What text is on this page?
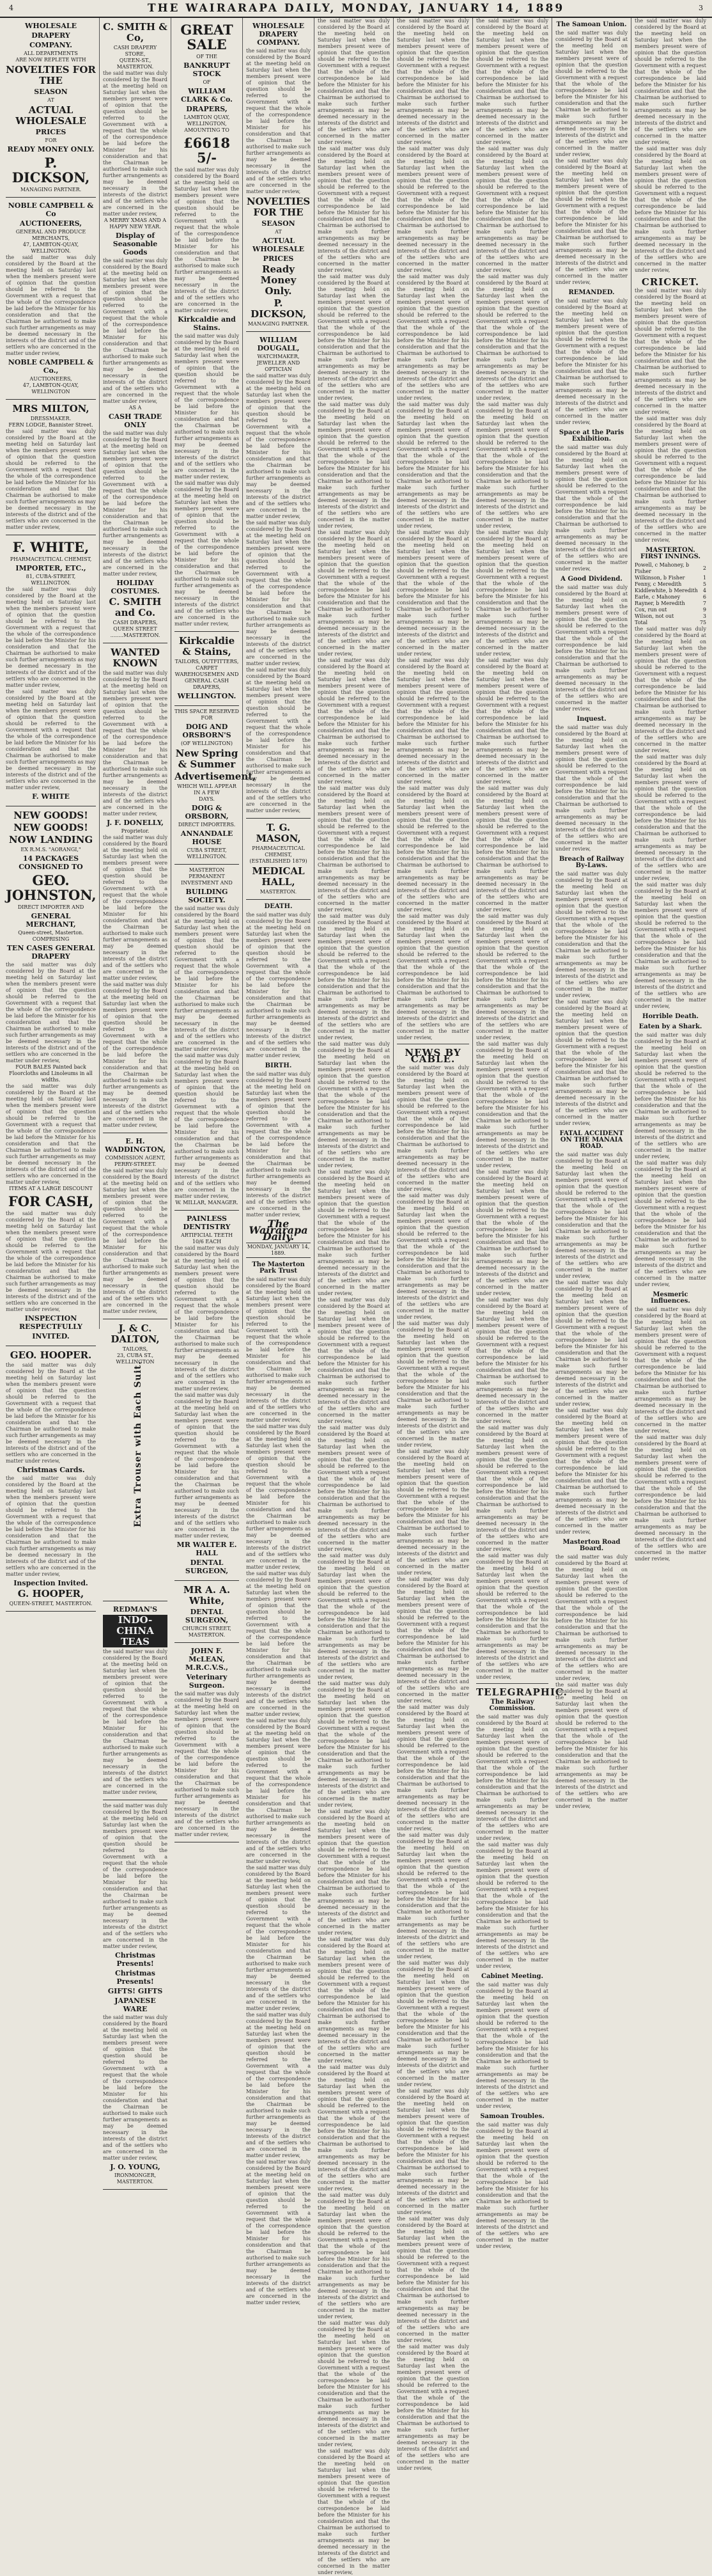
4	THE WAIRARAPA DAILY, MONDAY, JANUARY 14, 1889	3
WHOLESALE
DRAPERY
COMPANY.
ALL DEPARTMENTS
ARE NOW REPLETE WITH
NOVELTIES FOR THE
SEASON
AT
ACTUAL WHOLESALE
PRICES
FOR
READY MONEY ONLY.
P. DICKSON,
MANAGING PARTNER.
NOBLE CAMPBELL & Co
AUCTIONEERS,
GENERAL AND PRODUCE
MERCHANTS,
47, LAMBTON-QUAY, WELLINGTON.
the said matter was duly considered by the Board at the meeting held on Saturday last when the members present were of opinion that the question should be referred to the Government with a request that the whole of the correspondence be laid before the Minister for his consideration and that the Chairman be authorised to make such further arrangements as may be deemed necessary in the interests of the district and of the settlers who are concerned in the matter under review,
NOBLE CAMPBELL & Co.,
AUCTIONEERS,
47, LAMBTON-QUAY, WELLINGTON
MRS MILTON,
DRESSMAKER.
FERN LODGE, Bannister Street.
the said matter was duly considered by the Board at the meeting held on Saturday last when the members present were of opinion that the question should be referred to the Government with a request that the whole of the correspondence be laid before the Minister for his consideration and that the Chairman be authorised to make such further arrangements as may be deemed necessary in the interests of the district and of the settlers who are concerned in the matter under review,
F. WHITE,
PHARMACEUTICAL CHEMIST,
IMPORTER, ETC.,
81, CUBA-STREET, WELLINGTON.
the said matter was duly considered by the Board at the meeting held on Saturday last when the members present were of opinion that the question should be referred to the Government with a request that the whole of the correspondence be laid before the Minister for his consideration and that the Chairman be authorised to make such further arrangements as may be deemed necessary in the interests of the district and of the settlers who are concerned in the matter under review,
the said matter was duly considered by the Board at the meeting held on Saturday last when the members present were of opinion that the question should be referred to the Government with a request that the whole of the correspondence be laid before the Minister for his consideration and that the Chairman be authorised to make such further arrangements as may be deemed necessary in the interests of the district and of the settlers who are concerned in the matter under review,
F. WHITE
NEW GOODS!
NEW GOODS!
NOW LANDING
EX R.M.S. "AORANGI,"
14 PACKAGES CONSIGNED TO
GEO. JOHNSTON,
DIRECT IMPORTER AND
GENERAL MERCHANT,
Queen-street, Masterton.
COMPRISING
TEN CASES GENERAL DRAPERY
the said matter was duly considered by the Board at the meeting held on Saturday last when the members present were of opinion that the question should be referred to the Government with a request that the whole of the correspondence be laid before the Minister for his consideration and that the Chairman be authorised to make such further arrangements as may be deemed necessary in the interests of the district and of the settlers who are concerned in the matter under review,
FOUR BALES Painted back Floorcloths and Linoleums in all widths.
the said matter was duly considered by the Board at the meeting held on Saturday last when the members present were of opinion that the question should be referred to the Government with a request that the whole of the correspondence be laid before the Minister for his consideration and that the Chairman be authorised to make such further arrangements as may be deemed necessary in the interests of the district and of the settlers who are concerned in the matter under review,
ITEMS AT A LARGE DISCOUNT
FOR CASH,
the said matter was duly considered by the Board at the meeting held on Saturday last when the members present were of opinion that the question should be referred to the Government with a request that the whole of the correspondence be laid before the Minister for his consideration and that the Chairman be authorised to make such further arrangements as may be deemed necessary in the interests of the district and of the settlers who are concerned in the matter under review,
INSPECTION RESPECTFULLY
INVITED.
GEO. HOOPER.
the said matter was duly considered by the Board at the meeting held on Saturday last when the members present were of opinion that the question should be referred to the Government with a request that the whole of the correspondence be laid before the Minister for his consideration and that the Chairman be authorised to make such further arrangements as may be deemed necessary in the interests of the district and of the settlers who are concerned in the matter under review,
Christmas Cards.
the said matter was duly considered by the Board at the meeting held on Saturday last when the members present were of opinion that the question should be referred to the Government with a request that the whole of the correspondence be laid before the Minister for his consideration and that the Chairman be authorised to make such further arrangements as may be deemed necessary in the interests of the district and of the settlers who are concerned in the matter under review,
Inspection Invited.
G. HOOPER,
QUEEN-STREET, MASTERTON.
C. SMITH & Co,
CASH DRAPERY STORE,
QUEEN-ST., MASTERTON.
the said matter was duly considered by the Board at the meeting held on Saturday last when the members present were of opinion that the question should be referred to the Government with a request that the whole of the correspondence be laid before the Minister for his consideration and that the Chairman be authorised to make such further arrangements as may be deemed necessary in the interests of the district and of the settlers who are concerned in the matter under review,
A MERRY XMAS AND A HAPPY NEW YEAR.
Display of Seasonable Goods
the said matter was duly considered by the Board at the meeting held on Saturday last when the members present were of opinion that the question should be referred to the Government with a request that the whole of the correspondence be laid before the Minister for his consideration and that the Chairman be authorised to make such further arrangements as may be deemed necessary in the interests of the district and of the settlers who are concerned in the matter under review,
AS A
CASH TRADE ONLY
the said matter was duly considered by the Board at the meeting held on Saturday last when the members present were of opinion that the question should be referred to the Government with a request that the whole of the correspondence be laid before the Minister for his consideration and that the Chairman be authorised to make such further arrangements as may be deemed necessary in the interests of the district and of the settlers who are concerned in the matter under review,
HOLIDAY COSTUMES.
C. SMITH and Co.
CASH DRAPERS,
QUEEN STREET ........MASTERTON.
WANTED KNOWN
the said matter was duly considered by the Board at the meeting held on Saturday last when the members present were of opinion that the question should be referred to the Government with a request that the whole of the correspondence be laid before the Minister for his consideration and that the Chairman be authorised to make such further arrangements as may be deemed necessary in the interests of the district and of the settlers who are concerned in the matter under review,
J. F. DONELLY,
Proprietor.
the said matter was duly considered by the Board at the meeting held on Saturday last when the members present were of opinion that the question should be referred to the Government with a request that the whole of the correspondence be laid before the Minister for his consideration and that the Chairman be authorised to make such further arrangements as may be deemed necessary in the interests of the district and of the settlers who are concerned in the matter under review,
the said matter was duly considered by the Board at the meeting held on Saturday last when the members present were of opinion that the question should be referred to the Government with a request that the whole of the correspondence be laid before the Minister for his consideration and that the Chairman be authorised to make such further arrangements as may be deemed necessary in the interests of the district and of the settlers who are concerned in the matter under review,
E. H. WADDINGTON,
COMMISSION AGENT,
PERRY-STREET.
the said matter was duly considered by the Board at the meeting held on Saturday last when the members present were of opinion that the question should be referred to the Government with a request that the whole of the correspondence be laid before the Minister for his consideration and that the Chairman be authorised to make such further arrangements as may be deemed necessary in the interests of the district and of the settlers who are concerned in the matter under review,
J. & C. DALTON,
TAILORS,
23, CUBA ST., WELLINGTON
Extra Trouser with Each Suit.
REDMAN'S
INDO-CHINA TEAS
the said matter was duly considered by the Board at the meeting held on Saturday last when the members present were of opinion that the question should be referred to the Government with a request that the whole of the correspondence be laid before the Minister for his consideration and that the Chairman be authorised to make such further arrangements as may be deemed necessary in the interests of the district and of the settlers who are concerned in the matter under review,
the said matter was duly considered by the Board at the meeting held on Saturday last when the members present were of opinion that the question should be referred to the Government with a request that the whole of the correspondence be laid before the Minister for his consideration and that the Chairman be authorised to make such further arrangements as may be deemed necessary in the interests of the district and of the settlers who are concerned in the matter under review,
Christmas Presents!
Christmas Presents!
GIFTS! GIFTS
JAPANESE WARE
the said matter was duly considered by the Board at the meeting held on Saturday last when the members present were of opinion that the question should be referred to the Government with a request that the whole of the correspondence be laid before the Minister for his consideration and that the Chairman be authorised to make such further arrangements as may be deemed necessary in the interests of the district and of the settlers who are concerned in the matter under review,
J. O. YOUNG,
IRONMONGER, MASTERTON.
GREAT SALE
OF THE
BANKRUPT STOCK
OF
WILLIAM CLARK & Co.
DRAPERS,
LAMBTON QUAY, WELLINGTON,
AMOUNTING TO
£6618 5/-
the said matter was duly considered by the Board at the meeting held on Saturday last when the members present were of opinion that the question should be referred to the Government with a request that the whole of the correspondence be laid before the Minister for his consideration and that the Chairman be authorised to make such further arrangements as may be deemed necessary in the interests of the district and of the settlers who are concerned in the matter under review,
Kirkcaldie and Stains.
the said matter was duly considered by the Board at the meeting held on Saturday last when the members present were of opinion that the question should be referred to the Government with a request that the whole of the correspondence be laid before the Minister for his consideration and that the Chairman be authorised to make such further arrangements as may be deemed necessary in the interests of the district and of the settlers who are concerned in the matter under review,
the said matter was duly considered by the Board at the meeting held on Saturday last when the members present were of opinion that the question should be referred to the Government with a request that the whole of the correspondence be laid before the Minister for his consideration and that the Chairman be authorised to make such further arrangements as may be deemed necessary in the interests of the district and of the settlers who are concerned in the matter under review,
Kirkcaldie & Stains,
TAILORS, OUTFITTERS, CARPET WAREHOUSEMEN AND GENERAL CASH DRAPERS,
WELLINGTON.
THIS SPACE RESERVED
FOR
DOIG AND ORSBORN'S
(OF WELLINGTON)
New Spring & Summer
Advertisement,
WHICH WILL APPEAR IN A FEW
DAYS.
DOIG & ORSBORN,
DIRECT IMPORTERS.
ANNANDALE HOUSE
CUBA STREET,
WELLINGTON.
MASTERTON
PERMANENT INVESTMENT AND
BUILDING SOCIETY.
the said matter was duly considered by the Board at the meeting held on Saturday last when the members present were of opinion that the question should be referred to the Government with a request that the whole of the correspondence be laid before the Minister for his consideration and that the Chairman be authorised to make such further arrangements as may be deemed necessary in the interests of the district and of the settlers who are concerned in the matter under review,
the said matter was duly considered by the Board at the meeting held on Saturday last when the members present were of opinion that the question should be referred to the Government with a request that the whole of the correspondence be laid before the Minister for his consideration and that the Chairman be authorised to make such further arrangements as may be deemed necessary in the interests of the district and of the settlers who are concerned in the matter under review,
W. MILLAR, MANAGER.
PAINLESS DENTISTRY
ARTIFICIAL TEETH 10/6 EACH
the said matter was duly considered by the Board at the meeting held on Saturday last when the members present were of opinion that the question should be referred to the Government with a request that the whole of the correspondence be laid before the Minister for his consideration and that the Chairman be authorised to make such further arrangements as may be deemed necessary in the interests of the district and of the settlers who are concerned in the matter under review,
the said matter was duly considered by the Board at the meeting held on Saturday last when the members present were of opinion that the question should be referred to the Government with a request that the whole of the correspondence be laid before the Minister for his consideration and that the Chairman be authorised to make such further arrangements as may be deemed necessary in the interests of the district and of the settlers who are concerned in the matter under review,
MR WALTER E. HALL
DENTAL SURGEON,
MR A. A. White,
DENTAL SURGEON,
CHURCH STREET, MASTERTON.
JOHN F. McLEAN, M.R.C.V.S.,
Veterinary Surgeon.
the said matter was duly considered by the Board at the meeting held on Saturday last when the members present were of opinion that the question should be referred to the Government with a request that the whole of the correspondence be laid before the Minister for his consideration and that the Chairman be authorised to make such further arrangements as may be deemed necessary in the interests of the district and of the settlers who are concerned in the matter under review,
WHOLESALE DRAPERY COMPANY.
the said matter was duly considered by the Board at the meeting held on Saturday last when the members present were of opinion that the question should be referred to the Government with a request that the whole of the correspondence be laid before the Minister for his consideration and that the Chairman be authorised to make such further arrangements as may be deemed necessary in the interests of the district and of the settlers who are concerned in the matter under review,
NOVELTIES FOR THE
SEASON
AT
ACTUAL WHOLESALE
PRICES
Ready Money Only.
P. DICKSON,
MANAGING PARTNER.
WILLIAM DOUGALL,
WATCHMAKER, JEWELLER AND OPTICIAN
the said matter was duly considered by the Board at the meeting held on Saturday last when the members present were of opinion that the question should be referred to the Government with a request that the whole of the correspondence be laid before the Minister for his consideration and that the Chairman be authorised to make such further arrangements as may be deemed necessary in the interests of the district and of the settlers who are concerned in the matter under review,
the said matter was duly considered by the Board at the meeting held on Saturday last when the members present were of opinion that the question should be referred to the Government with a request that the whole of the correspondence be laid before the Minister for his consideration and that the Chairman be authorised to make such further arrangements as may be deemed necessary in the interests of the district and of the settlers who are concerned in the matter under review,
the said matter was duly considered by the Board at the meeting held on Saturday last when the members present were of opinion that the question should be referred to the Government with a request that the whole of the correspondence be laid before the Minister for his consideration and that the Chairman be authorised to make such further arrangements as may be deemed necessary in the interests of the district and of the settlers who are concerned in the matter under review,
T. G. MASON,
PHARMACEUTICAL CHEMIST,
(ESTABLISHED 1879)
MEDICAL HALL,
MASTERTON.
DEATH.
the said matter was duly considered by the Board at the meeting held on Saturday last when the members present were of opinion that the question should be referred to the Government with a request that the whole of the correspondence be laid before the Minister for his consideration and that the Chairman be authorised to make such further arrangements as may be deemed necessary in the interests of the district and of the settlers who are concerned in the matter under review,
BIRTH.
the said matter was duly considered by the Board at the meeting held on Saturday last when the members present were of opinion that the question should be referred to the Government with a request that the whole of the correspondence be laid before the Minister for his consideration and that the Chairman be authorised to make such further arrangements as may be deemed necessary in the interests of the district and of the settlers who are concerned in the matter under review,
The Wairarapa Daily.
MONDAY, JANUARY 14, 1889.
The Masterton Park Trust
the said matter was duly considered by the Board at the meeting held on Saturday last when the members present were of opinion that the question should be referred to the Government with a request that the whole of the correspondence be laid before the Minister for his consideration and that the Chairman be authorised to make such further arrangements as may be deemed necessary in the interests of the district and of the settlers who are concerned in the matter under review,
the said matter was duly considered by the Board at the meeting held on Saturday last when the members present were of opinion that the question should be referred to the Government with a request that the whole of the correspondence be laid before the Minister for his consideration and that the Chairman be authorised to make such further arrangements as may be deemed necessary in the interests of the district and of the settlers who are concerned in the matter under review,
the said matter was duly considered by the Board at the meeting held on Saturday last when the members present were of opinion that the question should be referred to the Government with a request that the whole of the correspondence be laid before the Minister for his consideration and that the Chairman be authorised to make such further arrangements as may be deemed necessary in the interests of the district and of the settlers who are concerned in the matter under review,
the said matter was duly considered by the Board at the meeting held on Saturday last when the members present were of opinion that the question should be referred to the Government with a request that the whole of the correspondence be laid before the Minister for his consideration and that the Chairman be authorised to make such further arrangements as may be deemed necessary in the interests of the district and of the settlers who are concerned in the matter under review,
the said matter was duly considered by the Board at the meeting held on Saturday last when the members present were of opinion that the question should be referred to the Government with a request that the whole of the correspondence be laid before the Minister for his consideration and that the Chairman be authorised to make such further arrangements as may be deemed necessary in the interests of the district and of the settlers who are concerned in the matter under review,
the said matter was duly considered by the Board at the meeting held on Saturday last when the members present were of opinion that the question should be referred to the Government with a request that the whole of the correspondence be laid before the Minister for his consideration and that the Chairman be authorised to make such further arrangements as may be deemed necessary in the interests of the district and of the settlers who are concerned in the matter under review,
the said matter was duly considered by the Board at the meeting held on Saturday last when the members present were of opinion that the question should be referred to the Government with a request that the whole of the correspondence be laid before the Minister for his consideration and that the Chairman be authorised to make such further arrangements as may be deemed necessary in the interests of the district and of the settlers who are concerned in the matter under review,
the said matter was duly considered by the Board at the meeting held on Saturday last when the members present were of opinion that the question should be referred to the Government with a request that the whole of the correspondence be laid before the Minister for his consideration and that the Chairman be authorised to make such further arrangements as may be deemed necessary in the interests of the district and of the settlers who are concerned in the matter under review,
the said matter was duly considered by the Board at the meeting held on Saturday last when the members present were of opinion that the question should be referred to the Government with a request that the whole of the correspondence be laid before the Minister for his consideration and that the Chairman be authorised to make such further arrangements as may be deemed necessary in the interests of the district and of the settlers who are concerned in the matter under review,
the said matter was duly considered by the Board at the meeting held on Saturday last when the members present were of opinion that the question should be referred to the Government with a request that the whole of the correspondence be laid before the Minister for his consideration and that the Chairman be authorised to make such further arrangements as may be deemed necessary in the interests of the district and of the settlers who are concerned in the matter under review,
the said matter was duly considered by the Board at the meeting held on Saturday last when the members present were of opinion that the question should be referred to the Government with a request that the whole of the correspondence be laid before the Minister for his consideration and that the Chairman be authorised to make such further arrangements as may be deemed necessary in the interests of the district and of the settlers who are concerned in the matter under review,
the said matter was duly considered by the Board at the meeting held on Saturday last when the members present were of opinion that the question should be referred to the Government with a request that the whole of the correspondence be laid before the Minister for his consideration and that the Chairman be authorised to make such further arrangements as may be deemed necessary in the interests of the district and of the settlers who are concerned in the matter under review,
the said matter was duly considered by the Board at the meeting held on Saturday last when the members present were of opinion that the question should be referred to the Government with a request that the whole of the correspondence be laid before the Minister for his consideration and that the Chairman be authorised to make such further arrangements as may be deemed necessary in the interests of the district and of the settlers who are concerned in the matter under review,
the said matter was duly considered by the Board at the meeting held on Saturday last when the members present were of opinion that the question should be referred to the Government with a request that the whole of the correspondence be laid before the Minister for his consideration and that the Chairman be authorised to make such further arrangements as may be deemed necessary in the interests of the district and of the settlers who are concerned in the matter under review,
the said matter was duly considered by the Board at the meeting held on Saturday last when the members present were of opinion that the question should be referred to the Government with a request that the whole of the correspondence be laid before the Minister for his consideration and that the Chairman be authorised to make such further arrangements as may be deemed necessary in the interests of the district and of the settlers who are concerned in the matter under review,
the said matter was duly considered by the Board at the meeting held on Saturday last when the members present were of opinion that the question should be referred to the Government with a request that the whole of the correspondence be laid before the Minister for his consideration and that the Chairman be authorised to make such further arrangements as may be deemed necessary in the interests of the district and of the settlers who are concerned in the matter under review,
the said matter was duly considered by the Board at the meeting held on Saturday last when the members present were of opinion that the question should be referred to the Government with a request that the whole of the correspondence be laid before the Minister for his consideration and that the Chairman be authorised to make such further arrangements as may be deemed necessary in the interests of the district and of the settlers who are concerned in the matter under review,
the said matter was duly considered by the Board at the meeting held on Saturday last when the members present were of opinion that the question should be referred to the Government with a request that the whole of the correspondence be laid before the Minister for his consideration and that the Chairman be authorised to make such further arrangements as may be deemed necessary in the interests of the district and of the settlers who are concerned in the matter under review,
the said matter was duly considered by the Board at the meeting held on Saturday last when the members present were of opinion that the question should be referred to the Government with a request that the whole of the correspondence be laid before the Minister for his consideration and that the Chairman be authorised to make such further arrangements as may be deemed necessary in the interests of the district and of the settlers who are concerned in the matter under review,
the said matter was duly considered by the Board at the meeting held on Saturday last when the members present were of opinion that the question should be referred to the Government with a request that the whole of the correspondence be laid before the Minister for his consideration and that the Chairman be authorised to make such further arrangements as may be deemed necessary in the interests of the district and of the settlers who are concerned in the matter under review,
the said matter was duly considered by the Board at the meeting held on Saturday last when the members present were of opinion that the question should be referred to the Government with a request that the whole of the correspondence be laid before the Minister for his consideration and that the Chairman be authorised to make such further arrangements as may be deemed necessary in the interests of the district and of the settlers who are concerned in the matter under review,
the said matter was duly considered by the Board at the meeting held on Saturday last when the members present were of opinion that the question should be referred to the Government with a request that the whole of the correspondence be laid before the Minister for his consideration and that the Chairman be authorised to make such further arrangements as may be deemed necessary in the interests of the district and of the settlers who are concerned in the matter under review,
the said matter was duly considered by the Board at the meeting held on Saturday last when the members present were of opinion that the question should be referred to the Government with a request that the whole of the correspondence be laid before the Minister for his consideration and that the Chairman be authorised to make such further arrangements as may be deemed necessary in the interests of the district and of the settlers who are concerned in the matter under review,
the said matter was duly considered by the Board at the meeting held on Saturday last when the members present were of opinion that the question should be referred to the Government with a request that the whole of the correspondence be laid before the Minister for his consideration and that the Chairman be authorised to make such further arrangements as may be deemed necessary in the interests of the district and of the settlers who are concerned in the matter under review,
the said matter was duly considered by the Board at the meeting held on Saturday last when the members present were of opinion that the question should be referred to the Government with a request that the whole of the correspondence be laid before the Minister for his consideration and that the Chairman be authorised to make such further arrangements as may be deemed necessary in the interests of the district and of the settlers who are concerned in the matter under review,
the said matter was duly considered by the Board at the meeting held on Saturday last when the members present were of opinion that the question should be referred to the Government with a request that the whole of the correspondence be laid before the Minister for his consideration and that the Chairman be authorised to make such further arrangements as may be deemed necessary in the interests of the district and of the settlers who are concerned in the matter under review,
the said matter was duly considered by the Board at the meeting held on Saturday last when the members present were of opinion that the question should be referred to the Government with a request that the whole of the correspondence be laid before the Minister for his consideration and that the Chairman be authorised to make such further arrangements as may be deemed necessary in the interests of the district and of the settlers who are concerned in the matter under review,
the said matter was duly considered by the Board at the meeting held on Saturday last when the members present were of opinion that the question should be referred to the Government with a request that the whole of the correspondence be laid before the Minister for his consideration and that the Chairman be authorised to make such further arrangements as may be deemed necessary in the interests of the district and of the settlers who are concerned in the matter under review,
the said matter was duly considered by the Board at the meeting held on Saturday last when the members present were of opinion that the question should be referred to the Government with a request that the whole of the correspondence be laid before the Minister for his consideration and that the Chairman be authorised to make such further arrangements as may be deemed necessary in the interests of the district and of the settlers who are concerned in the matter under review,
the said matter was duly considered by the Board at the meeting held on Saturday last when the members present were of opinion that the question should be referred to the Government with a request that the whole of the correspondence be laid before the Minister for his consideration and that the Chairman be authorised to make such further arrangements as may be deemed necessary in the interests of the district and of the settlers who are concerned in the matter under review,
the said matter was duly considered by the Board at the meeting held on Saturday last when the members present were of opinion that the question should be referred to the Government with a request that the whole of the correspondence be laid before the Minister for his consideration and that the Chairman be authorised to make such further arrangements as may be deemed necessary in the interests of the district and of the settlers who are concerned in the matter under review,
the said matter was duly considered by the Board at the meeting held on Saturday last when the members present were of opinion that the question should be referred to the Government with a request that the whole of the correspondence be laid before the Minister for his consideration and that the Chairman be authorised to make such further arrangements as may be deemed necessary in the interests of the district and of the settlers who are concerned in the matter under review,
the said matter was duly considered by the Board at the meeting held on Saturday last when the members present were of opinion that the question should be referred to the Government with a request that the whole of the correspondence be laid before the Minister for his consideration and that the Chairman be authorised to make such further arrangements as may be deemed necessary in the interests of the district and of the settlers who are concerned in the matter under review,
the said matter was duly considered by the Board at the meeting held on Saturday last when the members present were of opinion that the question should be referred to the Government with a request that the whole of the correspondence be laid before the Minister for his consideration and that the Chairman be authorised to make such further arrangements as may be deemed necessary in the interests of the district and of the settlers who are concerned in the matter under review,
the said matter was duly considered by the Board at the meeting held on Saturday last when the members present were of opinion that the question should be referred to the Government with a request that the whole of the correspondence be laid before the Minister for his consideration and that the Chairman be authorised to make such further arrangements as may be deemed necessary in the interests of the district and of the settlers who are concerned in the matter under review,
NEWS BY CABLE.
the said matter was duly considered by the Board at the meeting held on Saturday last when the members present were of opinion that the question should be referred to the Government with a request that the whole of the correspondence be laid before the Minister for his consideration and that the Chairman be authorised to make such further arrangements as may be deemed necessary in the interests of the district and of the settlers who are concerned in the matter under review,
the said matter was duly considered by the Board at the meeting held on Saturday last when the members present were of opinion that the question should be referred to the Government with a request that the whole of the correspondence be laid before the Minister for his consideration and that the Chairman be authorised to make such further arrangements as may be deemed necessary in the interests of the district and of the settlers who are concerned in the matter under review,
the said matter was duly considered by the Board at the meeting held on Saturday last when the members present were of opinion that the question should be referred to the Government with a request that the whole of the correspondence be laid before the Minister for his consideration and that the Chairman be authorised to make such further arrangements as may be deemed necessary in the interests of the district and of the settlers who are concerned in the matter under review,
the said matter was duly considered by the Board at the meeting held on Saturday last when the members present were of opinion that the question should be referred to the Government with a request that the whole of the correspondence be laid before the Minister for his consideration and that the Chairman be authorised to make such further arrangements as may be deemed necessary in the interests of the district and of the settlers who are concerned in the matter under review,
the said matter was duly considered by the Board at the meeting held on Saturday last when the members present were of opinion that the question should be referred to the Government with a request that the whole of the correspondence be laid before the Minister for his consideration and that the Chairman be authorised to make such further arrangements as may be deemed necessary in the interests of the district and of the settlers who are concerned in the matter under review,
the said matter was duly considered by the Board at the meeting held on Saturday last when the members present were of opinion that the question should be referred to the Government with a request that the whole of the correspondence be laid before the Minister for his consideration and that the Chairman be authorised to make such further arrangements as may be deemed necessary in the interests of the district and of the settlers who are concerned in the matter under review,
the said matter was duly considered by the Board at the meeting held on Saturday last when the members present were of opinion that the question should be referred to the Government with a request that the whole of the correspondence be laid before the Minister for his consideration and that the Chairman be authorised to make such further arrangements as may be deemed necessary in the interests of the district and of the settlers who are concerned in the matter under review,
the said matter was duly considered by the Board at the meeting held on Saturday last when the members present were of opinion that the question should be referred to the Government with a request that the whole of the correspondence be laid before the Minister for his consideration and that the Chairman be authorised to make such further arrangements as may be deemed necessary in the interests of the district and of the settlers who are concerned in the matter under review,
the said matter was duly considered by the Board at the meeting held on Saturday last when the members present were of opinion that the question should be referred to the Government with a request that the whole of the correspondence be laid before the Minister for his consideration and that the Chairman be authorised to make such further arrangements as may be deemed necessary in the interests of the district and of the settlers who are concerned in the matter under review,
the said matter was duly considered by the Board at the meeting held on Saturday last when the members present were of opinion that the question should be referred to the Government with a request that the whole of the correspondence be laid before the Minister for his consideration and that the Chairman be authorised to make such further arrangements as may be deemed necessary in the interests of the district and of the settlers who are concerned in the matter under review,
the said matter was duly considered by the Board at the meeting held on Saturday last when the members present were of opinion that the question should be referred to the Government with a request that the whole of the correspondence be laid before the Minister for his consideration and that the Chairman be authorised to make such further arrangements as may be deemed necessary in the interests of the district and of the settlers who are concerned in the matter under review,
the said matter was duly considered by the Board at the meeting held on Saturday last when the members present were of opinion that the question should be referred to the Government with a request that the whole of the correspondence be laid before the Minister for his consideration and that the Chairman be authorised to make such further arrangements as may be deemed necessary in the interests of the district and of the settlers who are concerned in the matter under review,
the said matter was duly considered by the Board at the meeting held on Saturday last when the members present were of opinion that the question should be referred to the Government with a request that the whole of the correspondence be laid before the Minister for his consideration and that the Chairman be authorised to make such further arrangements as may be deemed necessary in the interests of the district and of the settlers who are concerned in the matter under review,
the said matter was duly considered by the Board at the meeting held on Saturday last when the members present were of opinion that the question should be referred to the Government with a request that the whole of the correspondence be laid before the Minister for his consideration and that the Chairman be authorised to make such further arrangements as may be deemed necessary in the interests of the district and of the settlers who are concerned in the matter under review,
the said matter was duly considered by the Board at the meeting held on Saturday last when the members present were of opinion that the question should be referred to the Government with a request that the whole of the correspondence be laid before the Minister for his consideration and that the Chairman be authorised to make such further arrangements as may be deemed necessary in the interests of the district and of the settlers who are concerned in the matter under review,
the said matter was duly considered by the Board at the meeting held on Saturday last when the members present were of opinion that the question should be referred to the Government with a request that the whole of the correspondence be laid before the Minister for his consideration and that the Chairman be authorised to make such further arrangements as may be deemed necessary in the interests of the district and of the settlers who are concerned in the matter under review,
the said matter was duly considered by the Board at the meeting held on Saturday last when the members present were of opinion that the question should be referred to the Government with a request that the whole of the correspondence be laid before the Minister for his consideration and that the Chairman be authorised to make such further arrangements as may be deemed necessary in the interests of the district and of the settlers who are concerned in the matter under review,
the said matter was duly considered by the Board at the meeting held on Saturday last when the members present were of opinion that the question should be referred to the Government with a request that the whole of the correspondence be laid before the Minister for his consideration and that the Chairman be authorised to make such further arrangements as may be deemed necessary in the interests of the district and of the settlers who are concerned in the matter under review,
the said matter was duly considered by the Board at the meeting held on Saturday last when the members present were of opinion that the question should be referred to the Government with a request that the whole of the correspondence be laid before the Minister for his consideration and that the Chairman be authorised to make such further arrangements as may be deemed necessary in the interests of the district and of the settlers who are concerned in the matter under review,
the said matter was duly considered by the Board at the meeting held on Saturday last when the members present were of opinion that the question should be referred to the Government with a request that the whole of the correspondence be laid before the Minister for his consideration and that the Chairman be authorised to make such further arrangements as may be deemed necessary in the interests of the district and of the settlers who are concerned in the matter under review,
the said matter was duly considered by the Board at the meeting held on Saturday last when the members present were of opinion that the question should be referred to the Government with a request that the whole of the correspondence be laid before the Minister for his consideration and that the Chairman be authorised to make such further arrangements as may be deemed necessary in the interests of the district and of the settlers who are concerned in the matter under review,
the said matter was duly considered by the Board at the meeting held on Saturday last when the members present were of opinion that the question should be referred to the Government with a request that the whole of the correspondence be laid before the Minister for his consideration and that the Chairman be authorised to make such further arrangements as may be deemed necessary in the interests of the district and of the settlers who are concerned in the matter under review,
the said matter was duly considered by the Board at the meeting held on Saturday last when the members present were of opinion that the question should be referred to the Government with a request that the whole of the correspondence be laid before the Minister for his consideration and that the Chairman be authorised to make such further arrangements as may be deemed necessary in the interests of the district and of the settlers who are concerned in the matter under review,
the said matter was duly considered by the Board at the meeting held on Saturday last when the members present were of opinion that the question should be referred to the Government with a request that the whole of the correspondence be laid before the Minister for his consideration and that the Chairman be authorised to make such further arrangements as may be deemed necessary in the interests of the district and of the settlers who are concerned in the matter under review,
TELEGRAPHIC.
The Railway Commission.
the said matter was duly considered by the Board at the meeting held on Saturday last when the members present were of opinion that the question should be referred to the Government with a request that the whole of the correspondence be laid before the Minister for his consideration and that the Chairman be authorised to make such further arrangements as may be deemed necessary in the interests of the district and of the settlers who are concerned in the matter under review,
the said matter was duly considered by the Board at the meeting held on Saturday last when the members present were of opinion that the question should be referred to the Government with a request that the whole of the correspondence be laid before the Minister for his consideration and that the Chairman be authorised to make such further arrangements as may be deemed necessary in the interests of the district and of the settlers who are concerned in the matter under review,
Cabinet Meeting.
the said matter was duly considered by the Board at the meeting held on Saturday last when the members present were of opinion that the question should be referred to the Government with a request that the whole of the correspondence be laid before the Minister for his consideration and that the Chairman be authorised to make such further arrangements as may be deemed necessary in the interests of the district and of the settlers who are concerned in the matter under review,
Samoan Troubles.
the said matter was duly considered by the Board at the meeting held on Saturday last when the members present were of opinion that the question should be referred to the Government with a request that the whole of the correspondence be laid before the Minister for his consideration and that the Chairman be authorised to make such further arrangements as may be deemed necessary in the interests of the district and of the settlers who are concerned in the matter under review,
The Samoan Union.
the said matter was duly considered by the Board at the meeting held on Saturday last when the members present were of opinion that the question should be referred to the Government with a request that the whole of the correspondence be laid before the Minister for his consideration and that the Chairman be authorised to make such further arrangements as may be deemed necessary in the interests of the district and of the settlers who are concerned in the matter under review,
the said matter was duly considered by the Board at the meeting held on Saturday last when the members present were of opinion that the question should be referred to the Government with a request that the whole of the correspondence be laid before the Minister for his consideration and that the Chairman be authorised to make such further arrangements as may be deemed necessary in the interests of the district and of the settlers who are concerned in the matter under review,
REMANDED.
the said matter was duly considered by the Board at the meeting held on Saturday last when the members present were of opinion that the question should be referred to the Government with a request that the whole of the correspondence be laid before the Minister for his consideration and that the Chairman be authorised to make such further arrangements as may be deemed necessary in the interests of the district and of the settlers who are concerned in the matter under review,
Space at the Paris Exhibition.
the said matter was duly considered by the Board at the meeting held on Saturday last when the members present were of opinion that the question should be referred to the Government with a request that the whole of the correspondence be laid before the Minister for his consideration and that the Chairman be authorised to make such further arrangements as may be deemed necessary in the interests of the district and of the settlers who are concerned in the matter under review,
A Good Dividend.
the said matter was duly considered by the Board at the meeting held on Saturday last when the members present were of opinion that the question should be referred to the Government with a request that the whole of the correspondence be laid before the Minister for his consideration and that the Chairman be authorised to make such further arrangements as may be deemed necessary in the interests of the district and of the settlers who are concerned in the matter under review,
Inquest.
the said matter was duly considered by the Board at the meeting held on Saturday last when the members present were of opinion that the question should be referred to the Government with a request that the whole of the correspondence be laid before the Minister for his consideration and that the Chairman be authorised to make such further arrangements as may be deemed necessary in the interests of the district and of the settlers who are concerned in the matter under review,
Breach of Railway By-Laws.
the said matter was duly considered by the Board at the meeting held on Saturday last when the members present were of opinion that the question should be referred to the Government with a request that the whole of the correspondence be laid before the Minister for his consideration and that the Chairman be authorised to make such further arrangements as may be deemed necessary in the interests of the district and of the settlers who are concerned in the matter under review,
the said matter was duly considered by the Board at the meeting held on Saturday last when the members present were of opinion that the question should be referred to the Government with a request that the whole of the correspondence be laid before the Minister for his consideration and that the Chairman be authorised to make such further arrangements as may be deemed necessary in the interests of the district and of the settlers who are concerned in the matter under review,
FATAL ACCIDENT ON THE MANAIA ROAD.
the said matter was duly considered by the Board at the meeting held on Saturday last when the members present were of opinion that the question should be referred to the Government with a request that the whole of the correspondence be laid before the Minister for his consideration and that the Chairman be authorised to make such further arrangements as may be deemed necessary in the interests of the district and of the settlers who are concerned in the matter under review,
the said matter was duly considered by the Board at the meeting held on Saturday last when the members present were of opinion that the question should be referred to the Government with a request that the whole of the correspondence be laid before the Minister for his consideration and that the Chairman be authorised to make such further arrangements as may be deemed necessary in the interests of the district and of the settlers who are concerned in the matter under review,
the said matter was duly considered by the Board at the meeting held on Saturday last when the members present were of opinion that the question should be referred to the Government with a request that the whole of the correspondence be laid before the Minister for his consideration and that the Chairman be authorised to make such further arrangements as may be deemed necessary in the interests of the district and of the settlers who are concerned in the matter under review,
Masterton Road Board.
the said matter was duly considered by the Board at the meeting held on Saturday last when the members present were of opinion that the question should be referred to the Government with a request that the whole of the correspondence be laid before the Minister for his consideration and that the Chairman be authorised to make such further arrangements as may be deemed necessary in the interests of the district and of the settlers who are concerned in the matter under review,
the said matter was duly considered by the Board at the meeting held on Saturday last when the members present were of opinion that the question should be referred to the Government with a request that the whole of the correspondence be laid before the Minister for his consideration and that the Chairman be authorised to make such further arrangements as may be deemed necessary in the interests of the district and of the settlers who are concerned in the matter under review,
the said matter was duly considered by the Board at the meeting held on Saturday last when the members present were of opinion that the question should be referred to the Government with a request that the whole of the correspondence be laid before the Minister for his consideration and that the Chairman be authorised to make such further arrangements as may be deemed necessary in the interests of the district and of the settlers who are concerned in the matter under review,
the said matter was duly considered by the Board at the meeting held on Saturday last when the members present were of opinion that the question should be referred to the Government with a request that the whole of the correspondence be laid before the Minister for his consideration and that the Chairman be authorised to make such further arrangements as may be deemed necessary in the interests of the district and of the settlers who are concerned in the matter under review,
CRICKET.
the said matter was duly considered by the Board at the meeting held on Saturday last when the members present were of opinion that the question should be referred to the Government with a request that the whole of the correspondence be laid before the Minister for his consideration and that the Chairman be authorised to make such further arrangements as may be deemed necessary in the interests of the district and of the settlers who are concerned in the matter under review,
the said matter was duly considered by the Board at the meeting held on Saturday last when the members present were of opinion that the question should be referred to the Government with a request that the whole of the correspondence be laid before the Minister for his consideration and that the Chairman be authorised to make such further arrangements as may be deemed necessary in the interests of the district and of the settlers who are concerned in the matter under review,
MASTERTON. FIRST INNINGS.
Powell, c Mahoney, b Fisher	2
Wilkinson, b Fisher	1
Fenny, c Meredith	5
Kiddlewhite, b Meredith	4
Earle, c Mahoney	6
Rayner, b Meredith	7
Cox, run out	9
Wilson, not out	3
Total	75
the said matter was duly considered by the Board at the meeting held on Saturday last when the members present were of opinion that the question should be referred to the Government with a request that the whole of the correspondence be laid before the Minister for his consideration and that the Chairman be authorised to make such further arrangements as may be deemed necessary in the interests of the district and of the settlers who are concerned in the matter under review,
the said matter was duly considered by the Board at the meeting held on Saturday last when the members present were of opinion that the question should be referred to the Government with a request that the whole of the correspondence be laid before the Minister for his consideration and that the Chairman be authorised to make such further arrangements as may be deemed necessary in the interests of the district and of the settlers who are concerned in the matter under review,
the said matter was duly considered by the Board at the meeting held on Saturday last when the members present were of opinion that the question should be referred to the Government with a request that the whole of the correspondence be laid before the Minister for his consideration and that the Chairman be authorised to make such further arrangements as may be deemed necessary in the interests of the district and of the settlers who are concerned in the matter under review,
Horrible Death.
Eaten by a Shark.
the said matter was duly considered by the Board at the meeting held on Saturday last when the members present were of opinion that the question should be referred to the Government with a request that the whole of the correspondence be laid before the Minister for his consideration and that the Chairman be authorised to make such further arrangements as may be deemed necessary in the interests of the district and of the settlers who are concerned in the matter under review,
the said matter was duly considered by the Board at the meeting held on Saturday last when the members present were of opinion that the question should be referred to the Government with a request that the whole of the correspondence be laid before the Minister for his consideration and that the Chairman be authorised to make such further arrangements as may be deemed necessary in the interests of the district and of the settlers who are concerned in the matter under review,
Mesmeric Influences.
the said matter was duly considered by the Board at the meeting held on Saturday last when the members present were of opinion that the question should be referred to the Government with a request that the whole of the correspondence be laid before the Minister for his consideration and that the Chairman be authorised to make such further arrangements as may be deemed necessary in the interests of the district and of the settlers who are concerned in the matter under review,
the said matter was duly considered by the Board at the meeting held on Saturday last when the members present were of opinion that the question should be referred to the Government with a request that the whole of the correspondence be laid before the Minister for his consideration and that the Chairman be authorised to make such further arrangements as may be deemed necessary in the interests of the district and of the settlers who are concerned in the matter under review,
